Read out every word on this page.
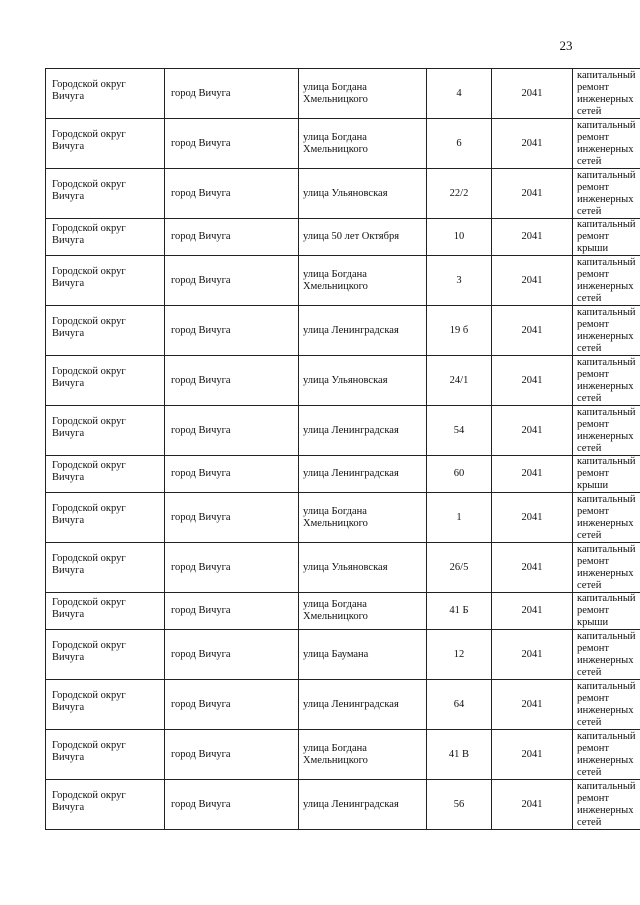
23
Городской округ Вичуга	город Вичуга	улица Богдана Хмельницкого	4	2041	капитальный ремонт инженерных сетей

Городской округ Вичуга	город Вичуга	улица Богдана Хмельницкого	6	2041	капитальный ремонт инженерных сетей

Городской округ Вичуга	город Вичуга	улица Ульяновская	22/2	2041	капитальный ремонт инженерных сетей

Городской округ Вичуга	город Вичуга	улица 50 лет Октября	10	2041	капитальный ремонт крыши

Городской округ Вичуга	город Вичуга	улица Богдана Хмельницкого	3	2041	капитальный ремонт инженерных сетей

Городской округ Вичуга	город Вичуга	улица Ленинградская	19 б	2041	капитальный ремонт инженерных сетей

Городской округ Вичуга	город Вичуга	улица Ульяновская	24/1	2041	капитальный ремонт инженерных сетей

Городской округ Вичуга	город Вичуга	улица Ленинградская	54	2041	капитальный ремонт инженерных сетей

Городской округ Вичуга	город Вичуга	улица Ленинградская	60	2041	капитальный ремонт крыши

Городской округ Вичуга	город Вичуга	улица Богдана Хмельницкого	1	2041	капитальный ремонт инженерных сетей

Городской округ Вичуга	город Вичуга	улица Ульяновская	26/5	2041	капитальный ремонт инженерных сетей

Городской округ Вичуга	город Вичуга	улица Богдана Хмельницкого	41 Б	2041	капитальный ремонт крыши

Городской округ Вичуга	город Вичуга	улица Баумана	12	2041	капитальный ремонт инженерных сетей

Городской округ Вичуга	город Вичуга	улица Ленинградская	64	2041	капитальный ремонт инженерных сетей

Городской округ Вичуга	город Вичуга	улица Богдана Хмельницкого	41 В	2041	капитальный ремонт инженерных сетей

Городской округ Вичуга	город Вичуга	улица Ленинградская	56	2041	капитальный ремонт инженерных сетей
